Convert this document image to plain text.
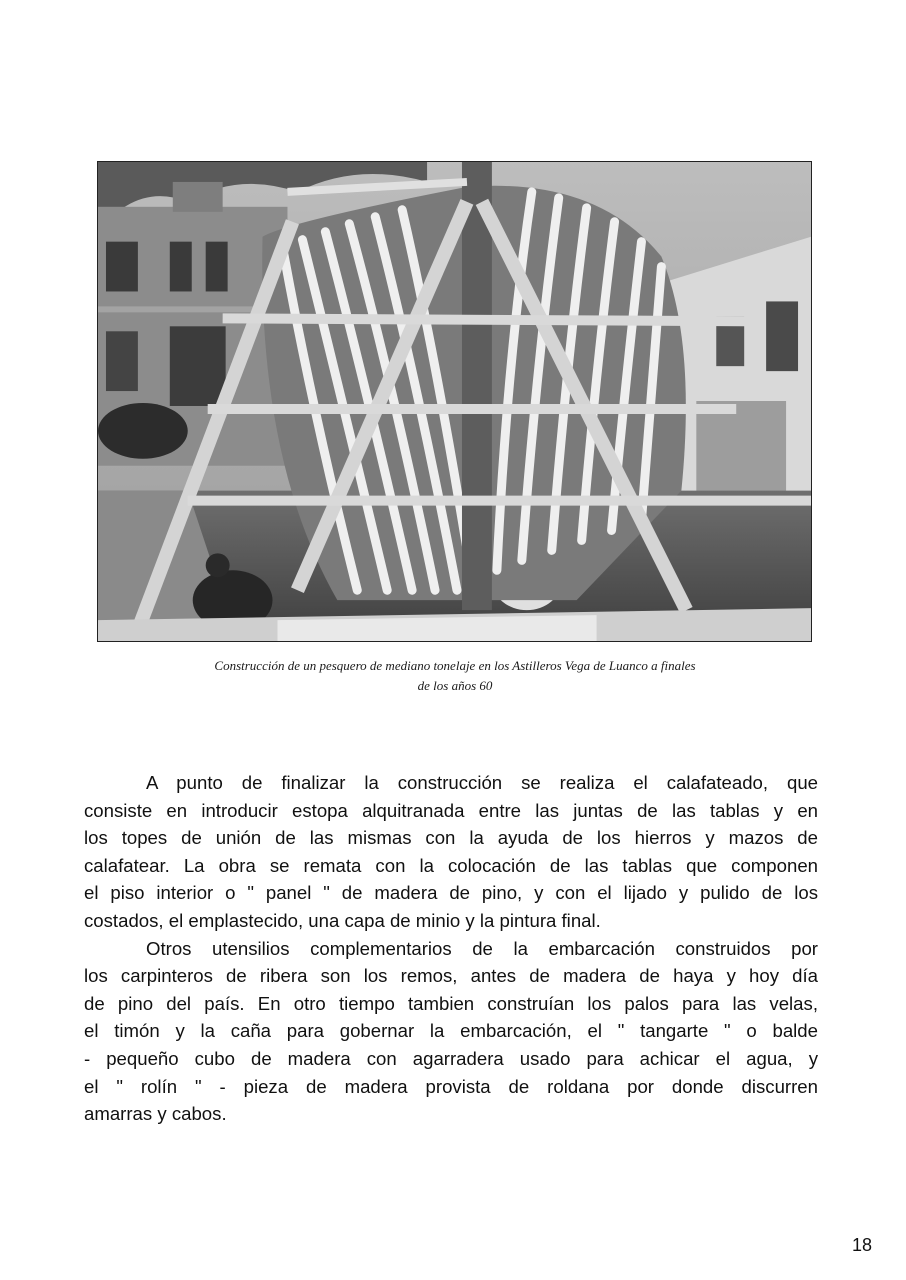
Construcción de un pesquero de mediano tonelaje en los Astilleros Vega de Luanco a finales
de los años 60

A punto de finalizar la construcción se realiza el calafateado, que
consiste en introducir estopa alquitranada entre las juntas de las tablas y en
los topes de unión de las mismas con la ayuda de los hierros y mazos de
calafatear. La obra se remata con la colocación de las tablas que componen
el piso interior o " panel " de madera de pino, y con el lijado y pulido de los
costados, el emplastecido, una capa de minio y la pintura final.
Otros utensilios complementarios de la embarcación construidos por
los carpinteros de ribera son los remos, antes de madera de haya y hoy día
de pino del país. En otro tiempo tambien construían los palos para las velas,
el timón y la caña para gobernar la embarcación, el " tangarte " o balde
- pequeño cubo de madera con agarradera usado para achicar el agua, y
el " rolín " - pieza de madera provista de roldana por donde discurren
amarras y cabos.

18
